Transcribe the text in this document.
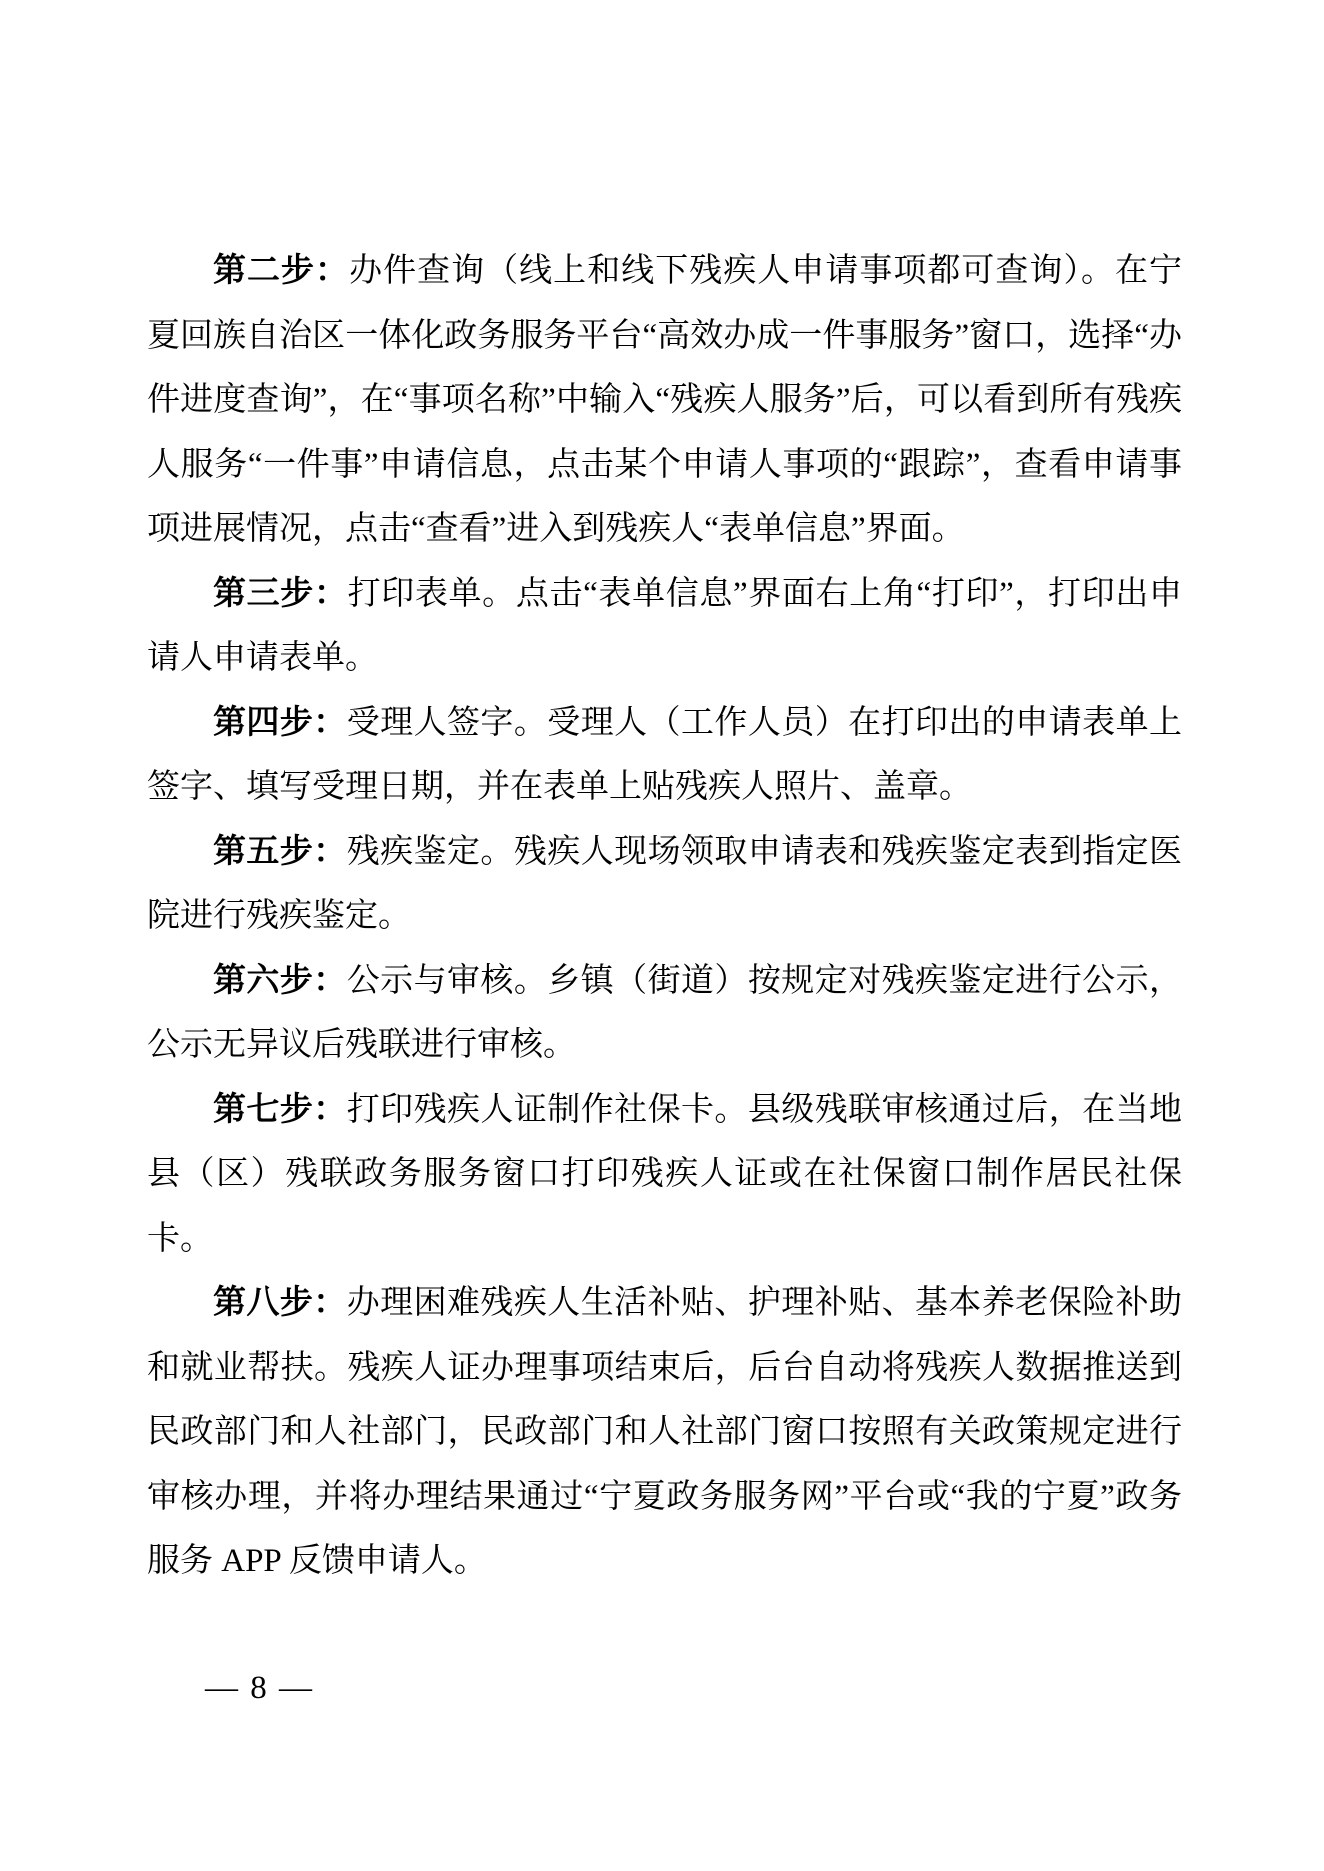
第二步：办件查询（线上和线下残疾人申请事项都可查询）。在宁夏回族自治区一体化政务服务平台“高效办成一件事服务”窗口，选择“办件进度查询”，在“事项名称”中输入“残疾人服务”后，可以看到所有残疾人服务“一件事”申请信息，点击某个申请人事项的“跟踪”，查看申请事项进展情况，点击“查看”进入到残疾人“表单信息”界面。

第三步：打印表单。点击“表单信息”界面右上角“打印”，打印出申请人申请表单。

第四步：受理人签字。受理人（工作人员）在打印出的申请表单上签字、填写受理日期，并在表单上贴残疾人照片、盖章。

第五步：残疾鉴定。残疾人现场领取申请表和残疾鉴定表到指定医院进行残疾鉴定。

第六步：公示与审核。乡镇（街道）按规定对残疾鉴定进行公示，公示无异议后残联进行审核。

第七步：打印残疾人证制作社保卡。县级残联审核通过后，在当地县（区）残联政务服务窗口打印残疾人证或在社保窗口制作居民社保卡。

第八步：办理困难残疾人生活补贴、护理补贴、基本养老保险补助和就业帮扶。残疾人证办理事项结束后，后台自动将残疾人数据推送到民政部门和人社部门，民政部门和人社部门窗口按照有关政策规定进行审核办理，并将办理结果通过“宁夏政务服务网”平台或“我的宁夏”政务服务 APP 反馈申请人。

— 8 —
